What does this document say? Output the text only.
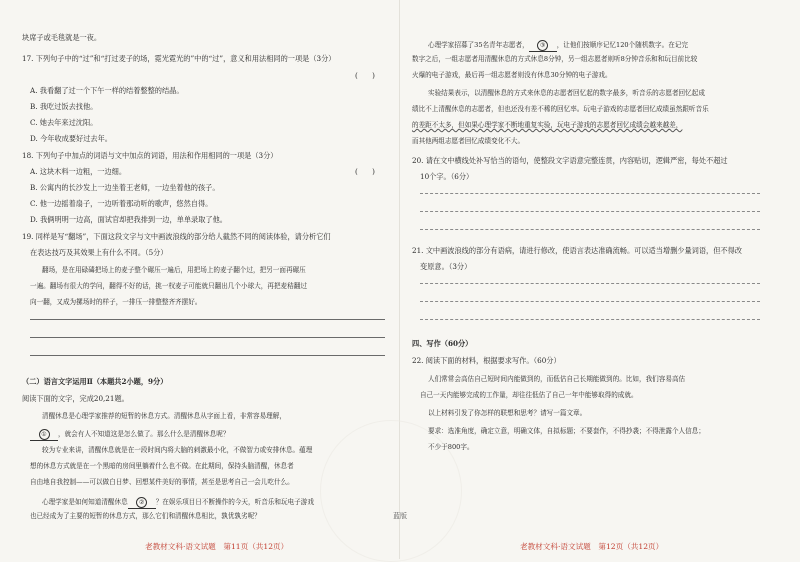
块席子或毛毯就是一夜。
17. 下列句子中的“过”和“打过麦子的场，霓光霓光的”中的“过”，意义和用法相同的一项是（3分）
(　　)
A. 我看翻了过一个下午一样的结着整整的结晶。
B. 我吃过饭去找他。
C. 她去年来过沈阳。
D. 今年收成要好过去年。
18. 下列句子中加点的词语与文中加点的词语，用法和作用相同的一项是（3分）
(　　)
A. 这块木料一边粗，一边细。
B. 公寓内的长沙发上一边坐着王老师，一边坐着他的孩子。
C. 他一边摇着扇子，一边听着那动听的歌声，悠然自得。
D. 我俩明明一边高，面试官却把我排到一边，单单录取了他。
19. 同样是写“翻场”，下面这段文字与文中画波浪线的部分给人截然不同的阅读体验，请分析它们
在表达技巧及其效果上有什么不同。（5分）
翻场，是在用碌碡把场上的麦子整个碾压一遍后，用把场上的麦子翻个过，把另一面再碾压
一遍。翻场有很大的学问，翻得不好的话，挑一杈麦子可能就只翻出几个小球大，再把麦秸翻过
向一翻，又成为摞场时的样子，一排压一排整整齐齐摆好。
（二）语言文字运用Ⅱ（本题共2小题，9分）
阅读下面的文字，完成20,21题。
清醒休息是心理学家推荐的短暂的休息方式。清醒休息从字面上看，非常容易理解，
① ，就会有人不知道这是怎么做了。那么什么是清醒休息呢？
较为专业来讲，清醒休息就是在一段时间内将大脑的刺激最小化，不做智力或安排休息。蕴理
想的休息方式就是在一个黑暗的房间里躺着什么也不做。在此期间，保持头脑清醒，休息者
自由地自我控制——可以做白日梦、回想某件美好的事情，甚至是思考自己一会儿吃什么。
心理学家是如何知道清醒休息 ② ？在娱乐项目日不断操作的今天，听音乐和玩电子游戏
也已经成为了主要的短暂的休息方式，那么它们和清醒休息相比，孰优孰劣呢？
老教材文科·语文试题　第11页（共12页）
心理学家招募了35名青年志愿者， ③ ，让他们按顺序记忆120个随机数字。在记完
数字之后，一组志愿者用清醒休息的方式休息8分钟，另一组志愿者则听8分钟音乐和和玩目前比较
火爆的电子游戏，最后再一组志愿者则没有休息30分钟的电子游戏。
实验结果表示，以清醒休息的方式来休息的志愿者回忆起的数字最多，听音乐的志愿者回忆起成
绩比不上清醒休息的志愿者，但也还没有差不稀的回忆率。玩电子游戏的志愿者回忆成绩虽然跟听音乐
的差距不太多，但如果心理学家不断地重复实验，玩电子游戏的志愿者回忆成绩会越来越差，
而其他两组志愿者回忆成绩变化不大。
20. 请在文中横线处补写恰当的语句，使整段文字语意完整连贯，内容贴切，逻辑严密，每处不超过
10个字。（6分）
21. 文中画波浪线的部分有语病，请进行修改，使语言表达准确流畅。可以适当增删少量词语，但不得改
变原意。（3分）
四、写作（60分）
22. 阅读下面的材料，根据要求写作。（60分）
人们常常会高估自己短时间内能做到的，而低估自己长期能做到的。比如，我们容易高估
自己一天内能够完成的工作量，却往往低估了自己一年中能够取得的成就。
以上材料引发了你怎样的联想和思考？请写一篇文章。
要求：选准角度，确定立意，明确文体，自拟标题；不要套作，不得抄袭；不得泄露个人信息；
不少于800字。
老教材文科·语文试题　第12页（共12页）
蓝版
